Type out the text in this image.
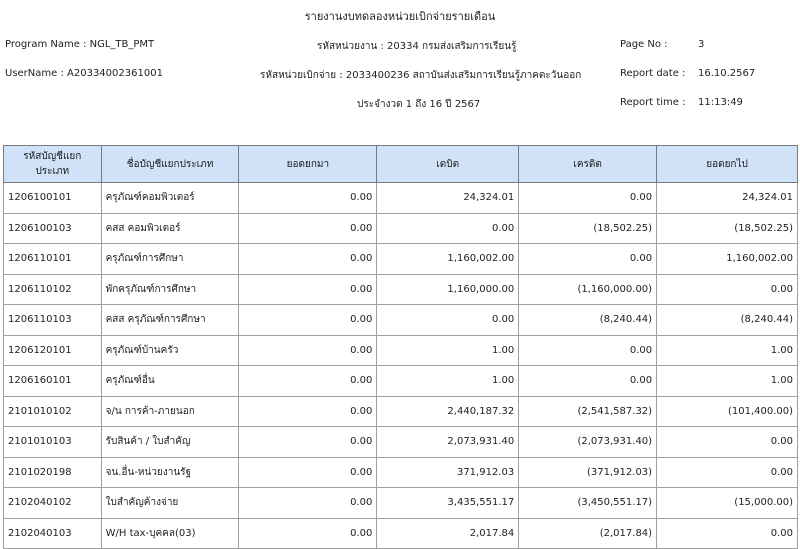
รายงานงบทดลองหน่วยเบิกจ่ายรายเดือน
Program Name : NGL_TB_PMT	รหัสหน่วยงาน : 20334 กรมส่งเสริมการเรียนรู้	Page No :	3
UserName : A20334002361001	รหัสหน่วยเบิกจ่าย : 2033400236 สถาบันส่งเสริมการเรียนรู้ภาคตะวันออก	Report date : 16.10.2567
ประจำงวด 1 ถึง 16 ปี 2567	Report time : 11:13:49
รหัสบัญชีแยกประเภท	ชื่อบัญชีแยกประเภท	ยอดยกมา	เดบิต	เครดิต	ยอดยกไป
1206100101	ครุภัณฑ์คอมพิวเตอร์	0.00	24,324.01	0.00	24,324.01
1206100103	คสส คอมพิวเตอร์	0.00	0.00	(18,502.25)	(18,502.25)
1206110101	ครุภัณฑ์การศึกษา	0.00	1,160,002.00	0.00	1,160,002.00
1206110102	พักครุภัณฑ์การศึกษา	0.00	1,160,000.00	(1,160,000.00)	0.00
1206110103	คสส ครุภัณฑ์การศึกษา	0.00	0.00	(8,240.44)	(8,240.44)
1206120101	ครุภัณฑ์บ้านครัว	0.00	1.00	0.00	1.00
1206160101	ครุภัณฑ์อื่น	0.00	1.00	0.00	1.00
2101010102	จ/น การค้า-ภายนอก	0.00	2,440,187.32	(2,541,587.32)	(101,400.00)
2101010103	รับสินค้า / ใบสำคัญ	0.00	2,073,931.40	(2,073,931.40)	0.00
2101020198	จน.อื่น-หน่วยงานรัฐ	0.00	371,912.03	(371,912.03)	0.00
2102040102	ใบสำคัญค้างจ่าย	0.00	3,435,551.17	(3,450,551.17)	(15,000.00)
2102040103	W/H tax-บุคคล(03)	0.00	2,017.84	(2,017.84)	0.00
